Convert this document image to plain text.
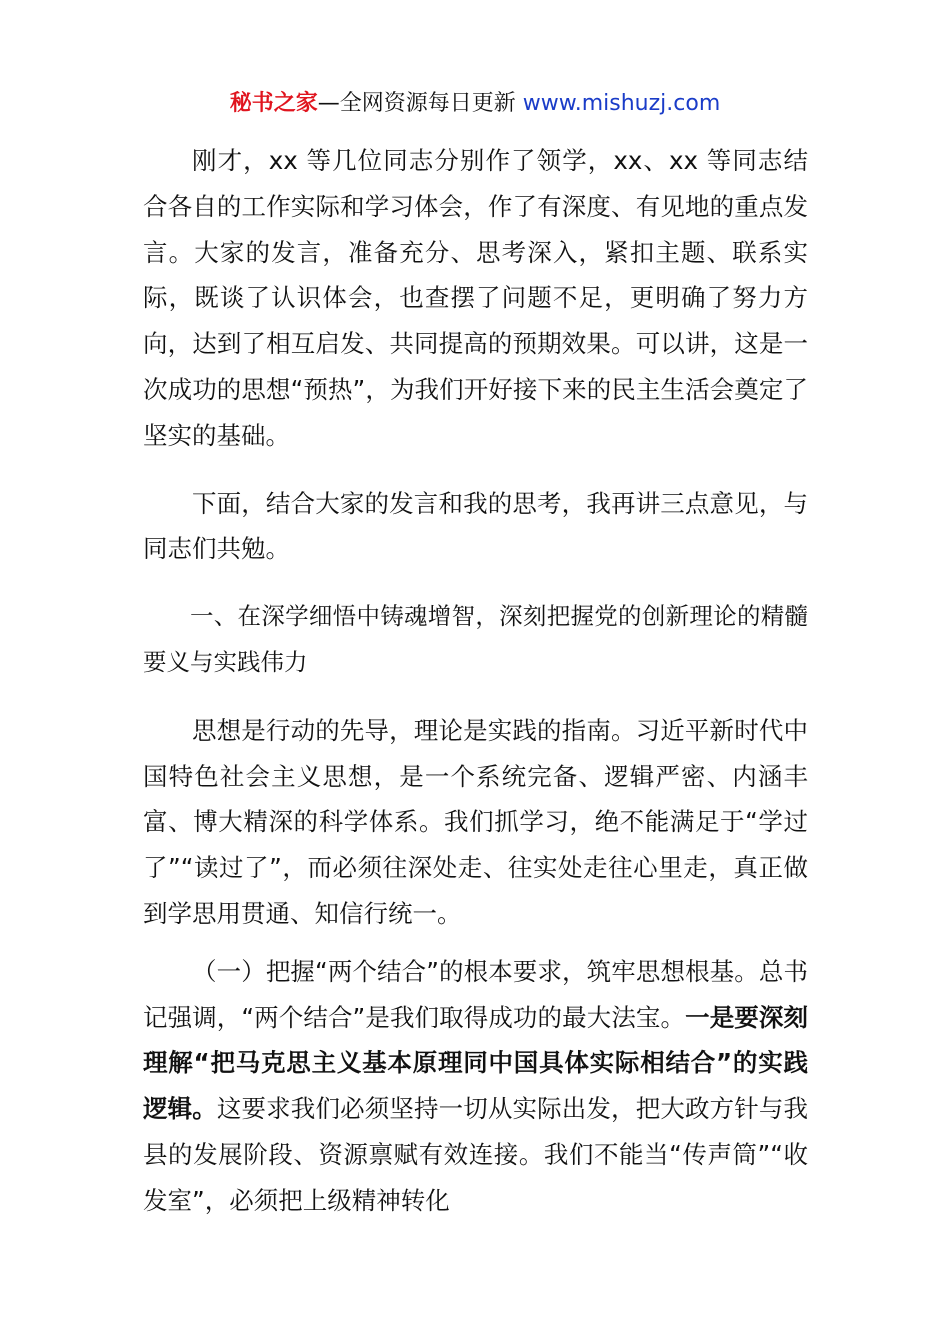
秘书之家—全网资源每日更新 www.mishuzj.com

刚才，xx 等几位同志分别作了领学，xx、xx 等同志结合各自的工作实际和学习体会，作了有深度、有见地的重点发言。大家的发言，准备充分、思考深入，紧扣主题、联系实际，既谈了认识体会，也查摆了问题不足，更明确了努力方向，达到了相互启发、共同提高的预期效果。可以讲，这是一次成功的思想“预热”，为我们开好接下来的民主生活会奠定了坚实的基础。

下面，结合大家的发言和我的思考，我再讲三点意见，与同志们共勉。

一、在深学细悟中铸魂增智，深刻把握党的创新理论的精髓要义与实践伟力

思想是行动的先导，理论是实践的指南。习近平新时代中国特色社会主义思想，是一个系统完备、逻辑严密、内涵丰富、博大精深的科学体系。我们抓学习，绝不能满足于“学过了”“读过了”，而必须往深处走、往实处走往心里走，真正做到学思用贯通、知信行统一。

（一）把握“两个结合”的根本要求，筑牢思想根基。总书记强调，“两个结合”是我们取得成功的最大法宝。一是要深刻理解“把马克思主义基本原理同中国具体实际相结合”的实践逻辑。这要求我们必须坚持一切从实际出发，把大政方针与我县的发展阶段、资源禀赋有效连接。我们不能当“传声筒”“收发室”，必须把上级精神转化
